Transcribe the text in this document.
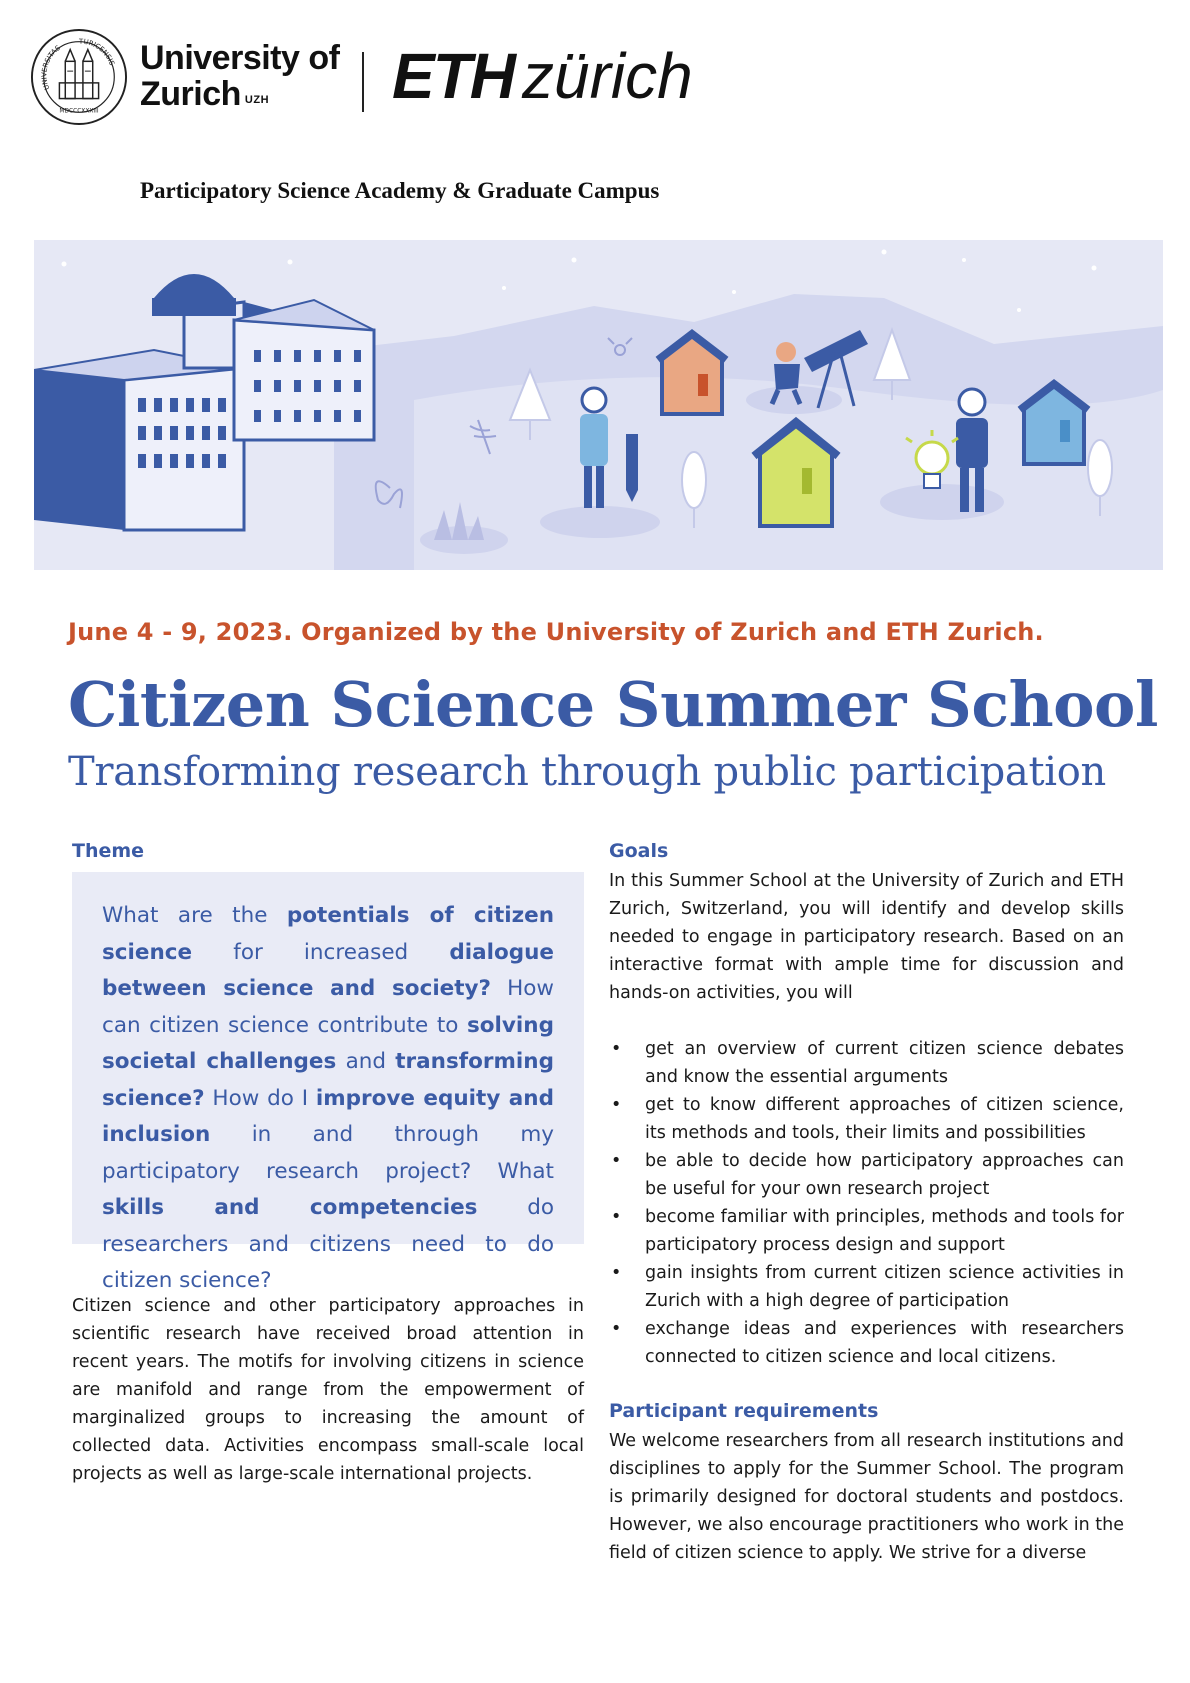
UNIVERSITAS
TURICENSIS
MDCCCXXXIII
University of
Zurich $^{UZH}$	ETH zürich
Participatory Science Academy & Graduate Campus
June 4 - 9, 2023. Organized by the University of Zurich and ETH Zurich.
Citizen Science Summer School
Transforming research through public participation
Theme
What are the potentials of citizen science for increased dialogue between science and society? How can citizen science contribute to solving societal challenges and transforming science? How do I improve equity and inclusion in and through my participatory research project? What skills and competencies do researchers and citizens need to do citizen science?
Citizen science and other participatory approaches in scientific research have received broad attention in recent years. The motifs for involving citizens in science are manifold and range from the empowerment of marginalized groups to increasing the amount of collected data. Activities encompass small-scale local projects as well as large-scale international projects.
Goals
In this Summer School at the University of Zurich and ETH Zurich, Switzerland, you will identify and develop skills needed to engage in participatory research. Based on an interactive format with ample time for discussion and hands-on activities, you will
• get an overview of current citizen science debates and know the essential arguments
• get to know different approaches of citizen science, its methods and tools, their limits and possibilities
• be able to decide how participatory approaches can be useful for your own research project
• become familiar with principles, methods and tools for participatory process design and support
• gain insights from current citizen science activities in Zurich with a high degree of participation
• exchange ideas and experiences with researchers connected to citizen science and local citizens.
Participant requirements
We welcome researchers from all research institutions and disciplines to apply for the Summer School. The program is primarily designed for doctoral students and postdocs. However, we also encourage practitioners who work in the field of citizen science to apply. We strive for a diverse
